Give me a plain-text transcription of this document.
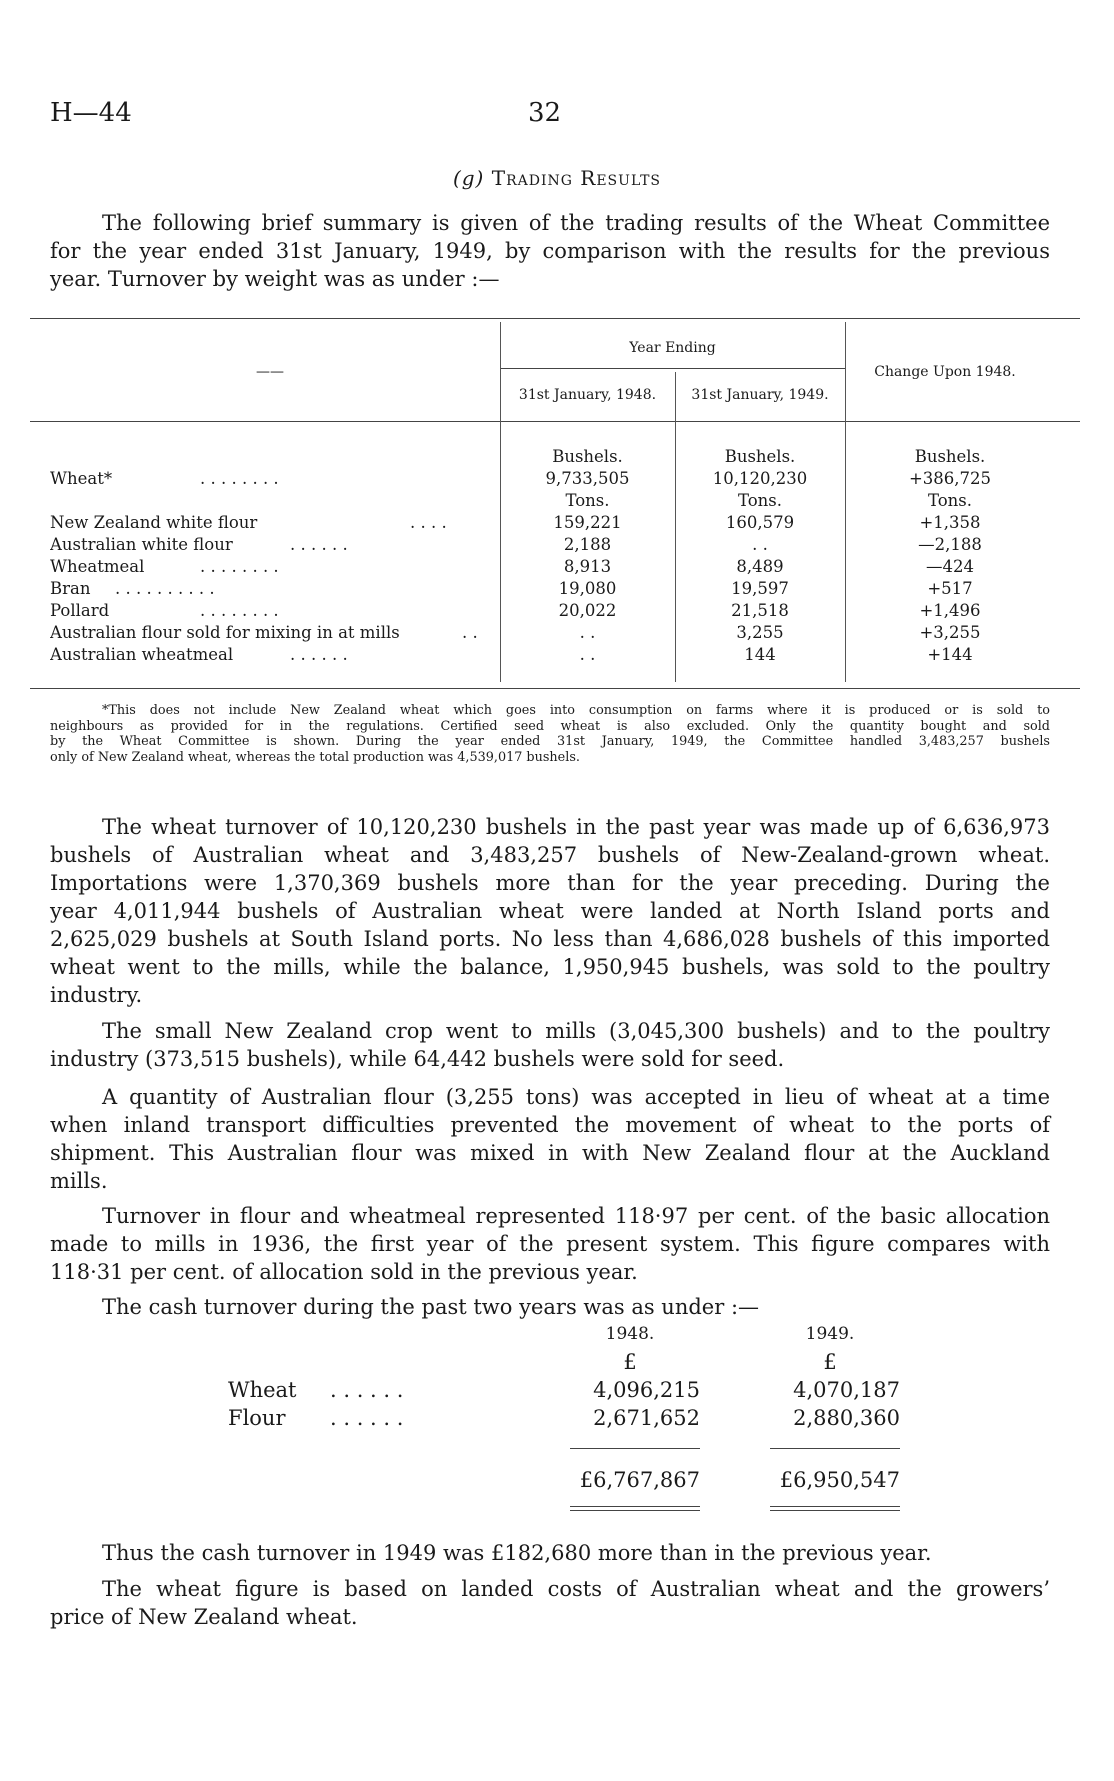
H—44	32
(g) Trading Results
The following brief summary is given of the trading results of the Wheat Committee
for the year ended 31st January, 1949, by comparison with the results for the previous
year. Turnover by weight was as under :—
——
Year Ending
31st January, 1948.	31st January, 1949.
Change Upon 1948.
Bushels.	Bushels.	Bushels.
Tons.	Tons.	Tons.
Wheat*	. . . . . . . .	9,733,505	10,120,230	+386,725
New Zealand white flour	. . . .	159,221	160,579	+1,358
Australian white flour	. . . . . .	2,188	. .	—2,188
Wheatmeal	. . . . . . . .	8,913	8,489	—424
Bran . . . . . . . . . .	19,080	19,597	+517
Pollard	. . . . . . . .	20,022	21,518	+1,496
Australian flour sold for mixing in at mills	. .	. .	3,255	+3,255
Australian wheatmeal	. . . . . .	. .	144	+144
*This does not include New Zealand wheat which goes into consumption on farms where it is produced or is sold to
neighbours as provided for in the regulations. Certified seed wheat is also excluded. Only the quantity bought and sold
by the Wheat Committee is shown. During the year ended 31st January, 1949, the Committee handled 3,483,257 bushels
only of New Zealand wheat, whereas the total production was 4,539,017 bushels.
The wheat turnover of 10,120,230 bushels in the past year was made up of 6,636,973
bushels of Australian wheat and 3,483,257 bushels of New-Zealand-grown wheat.
Importations were 1,370,369 bushels more than for the year preceding. During the
year 4,011,944 bushels of Australian wheat were landed at North Island ports and
2,625,029 bushels at South Island ports. No less than 4,686,028 bushels of this imported
wheat went to the mills, while the balance, 1,950,945 bushels, was sold to the poultry
industry.
The small New Zealand crop went to mills (3,045,300 bushels) and to the poultry
industry (373,515 bushels), while 64,442 bushels were sold for seed.
A quantity of Australian flour (3,255 tons) was accepted in lieu of wheat at a time
when inland transport difficulties prevented the movement of wheat to the ports of
shipment. This Australian flour was mixed in with New Zealand flour at the Auckland
mills.
Turnover in flour and wheatmeal represented 118·97 per cent. of the basic allocation
made to mills in 1936, the first year of the present system. This figure compares with
118·31 per cent. of allocation sold in the previous year.
The cash turnover during the past two years was as under :—
1948.	1949.
£	£
Wheat . . . . . .	4,096,215	4,070,187
Flour . . . . . .	2,671,652	2,880,360
£6,767,867	£6,950,547
Thus the cash turnover in 1949 was £182,680 more than in the previous year.
The wheat figure is based on landed costs of Australian wheat and the growers’
price of New Zealand wheat.
